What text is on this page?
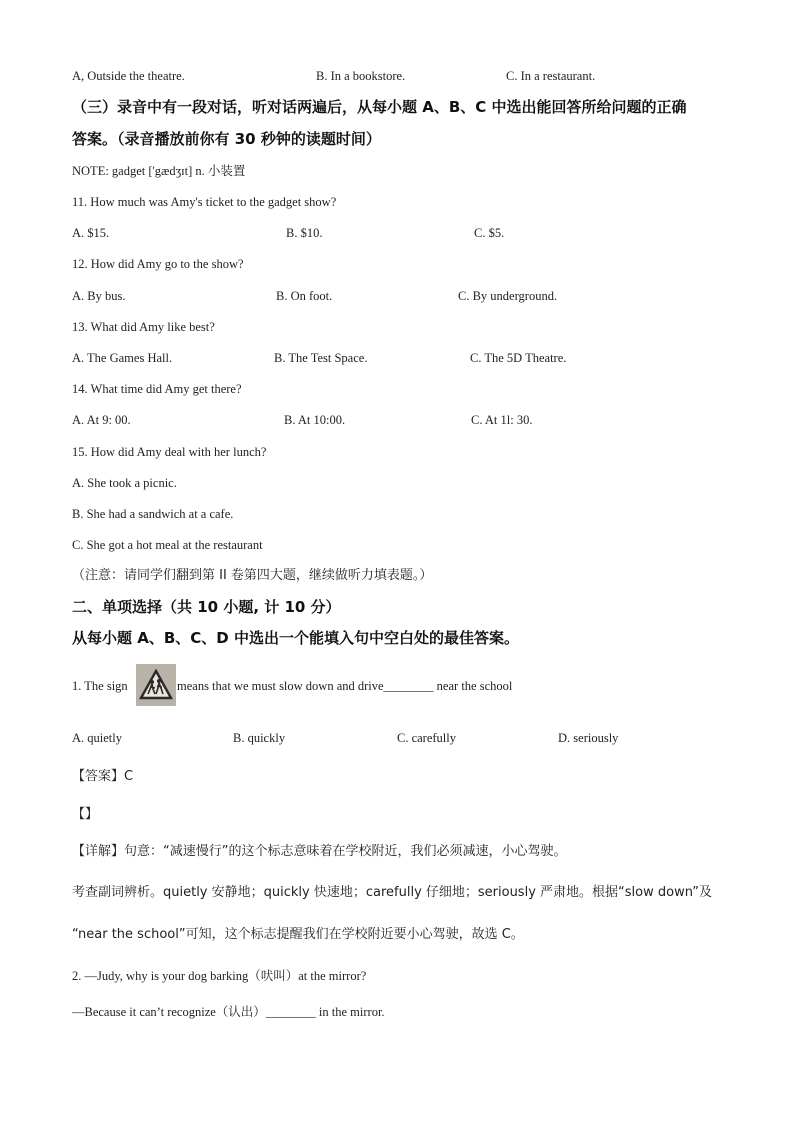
A, Outside the theatre.	B. In a bookstore.	C. In a restaurant.
（三）录音中有一段对话，听对话两遍后，从每小题 A、B、C 中选出能回答所给问题的正确
答案。（录音播放前你有 30 秒钟的读题时间）
NOTE: gadget ['gædʒɪt] n. 小装置
11. How much was Amy's ticket to the gadget show?
A. $15.	B. $10.	C. $5.
12. How did Amy go to the show?
A. By bus.	B. On foot.	C. By underground.
13. What did Amy like best?
A. The Games Hall.	B. The Test Space.	C. The 5D Theatre.
14. What time did Amy get there?
A. At 9: 00.	B. At 10:00.	C. At 1l: 30.
15. How did Amy deal with her lunch?
A. She took a picnic.
B. She had a sandwich at a cafe.
C. She got a hot meal at the restaurant
（注意：请同学们翻到第 II 卷第四大题，继续做听力填表题。）
二、单项选择（共 10 小题, 计 10 分）
从每小题 A、B、C、D 中选出一个能填入句中空白处的最佳答案。
1. The sign	means that we must slow down and drive________ near the school
A. quietly	B. quickly	C. carefully	D. seriously
【答案】C
【】
【详解】句意：“减速慢行”的这个标志意味着在学校附近，我们必须减速，小心驾驶。
考查副词辨析。quietly 安静地；quickly 快速地；carefully 仔细地；seriously 严肃地。根据“slow down”及
“near the school”可知，这个标志提醒我们在学校附近要小心驾驶，故选 C。
2. —Judy, why is your dog barking（吠叫）at the mirror?
—Because it can’t recognize（认出）________ in the mirror.
